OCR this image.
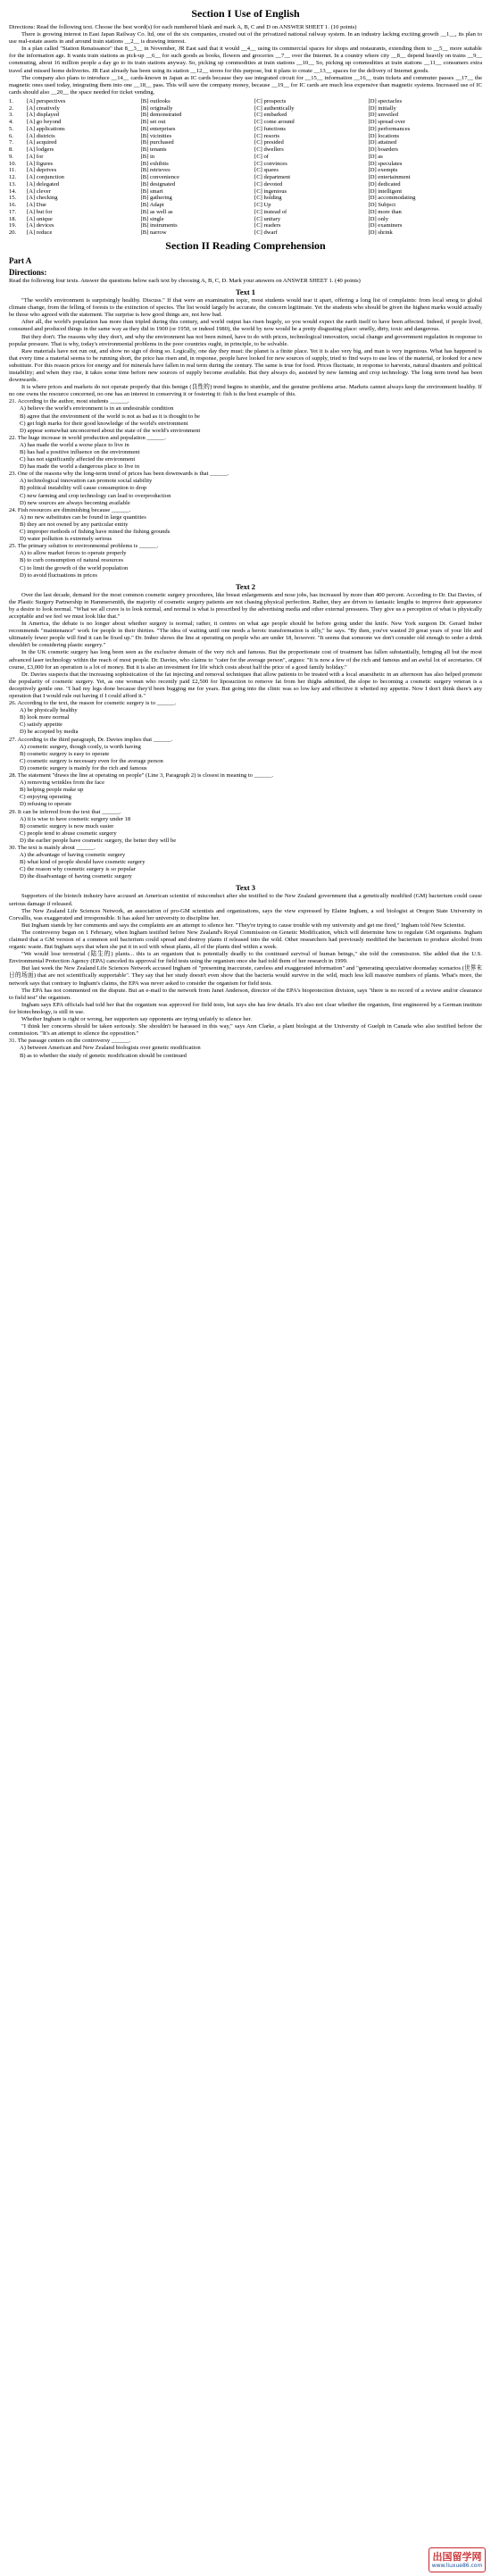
Section I Use of English

Directions: Read the following text. Choose the best word(s) for each numbered blank and mark A, B, C and D on ANSWER SHEET 1. (10 points)

There is growing interest in East Japan Railway Co. ltd, one of the six companies, created out of the privatized national railway system. In an industry lacking exciting growth __1__, its plan to use real-estate assets in and around train stations __2__ is drawing interest.

In a plan called "Station Renaissance" that 8__3__ in November, JR East said that it would __4__ using its commercial spaces for shops and restaurants, extending them to __5__ more suitable for the information age. It wants train stations as pick-up __6__ for such goods as books, flowers and groceries __7__ over the Internet. In a country where city __8__ depend heavily on trains __9__ commuting, about 16 million people a day go to its train stations anyway. So, picking up commodities at train stations __10__ So, picking up commodities at train stations __11__ consumers extra travel and missed home deliveries. JR East already has been using its station __12__ stores for this purpose, but it plans to create __13__ spaces for the delivery of Internet goods.

The company also plans to introduce __14__ cards-known in Japan as IC cards because they use integrated circuit for __15__ information __16__ train tickets and commuter passes __17__ the magnetic ones used today, integrating them into one __18__ pass. This will save the company money, because __19__ for IC cards are much less expensive than magnetic systems. Increased use of IC cards should also __20__ the space needed for ticket vending.

1.	[A] perspectives	[B] outlooks	[C] prospects	[D] spectacles
2.	[A] creatively	[B] originally	[C] authentically	[D] initially
3.	[A] displayed	[B] demonstrated	[C] embarked	[D] unveiled
4.	[A] go beyond	[B] set out	[C] come around	[D] spread over
5.	[A] applications	[B] enterprises	[C] functions	[D] performances
6.	[A] districts	[B] vicinities	[C] resorts	[D] locations
7.	[A] acquired	[B] purchased	[C] presided	[D] attained
8.	[A] lodgers	[B] tenants	[C] dwellers	[D] boarders
9.	[A] for	[B] in	[C] of	[D] as
10.	[A] figures	[B] exhibits	[C] convinces	[D] speculates
11.	[A] deprives	[B] retrieves	[C] spares	[D] exempts
12.	[A] conjunction	[B] convenience	[C] department	[D] entertainment
13.	[A] delegated	[B] designated	[C] devoted	[D] dedicated
14.	[A] clever	[B] smart	[C] ingenious	[D] intelligent
15.	[A] checking	[B] gathering	[C] holding	[D] accommodating
16.	[A] Due	[B] Adapt	[C] Up	[D] Subject
17.	[A] but for	[B] as well as	[C] instead of	[D] more than
18.	[A] unique	[B] single	[C] unitary	[D] only
19.	[A] devices	[B] instruments	[C] readers	[D] examiners
20.	[A] reduce	[B] narrow	[C] dwarf	[D] shrink
Section II Reading Comprehension
Part A
Directions:

Read the following four texts. Answer the questions below each text by choosing A, B, C, D. Mark your answers on ANSWER SHEET 1. (40 points)

Text 1

"The world's environment is surprisingly healthy. Discuss." If that were an examination topic, most students would tear it apart, offering a long list of complaints: from local smog to global climate change, from the felling of forests to the extinction of species. The list would largely be accurate, the concern legitimate. Yet the students who should be given the highest marks would actually be those who agreed with the statement. The surprise is how good things are, not how bad.

After all, the world's population has more than tripled during this century, and world output has risen hugely, so you would expect the earth itself to have been affected. Indeed, if people lived, consumed and produced things in the same way as they did in 1900 (or 1950, or indeed 1980), the world by now would be a pretty disgusting place: smelly, dirty, toxic and dangerous.

But they don't. The reasons why they don't, and why the environment has not been mined, have to do with prices, technological innovation, social change and government regulation in response to popular pressure. That is why, today's environmental problems in the poor countries ought, in principle, to be solvable.

Raw materials have not run out, and show no sign of doing so. Logically, one day they must: the planet is a finite place. Yet it is also very big, and man is very ingenious. What has happened is that every time a material seems to be running short, the price has risen and, in response, people have looked for new sources of supply, tried to find ways to use less of the material, or looked for a new substitute. For this reason prices for energy and for minerals have fallen in real term during the century. The same is true for food. Prices fluctuate, in response to harvests, natural disasters and political instability; and when they rise, it takes some time before new sources of supply become available. But they always do, assisted by new farming and crop technology. The long term trend has been downwards.

It is where prices and markets do not operate properly that this benign (良性的) trend begins to stumble, and the genuine problems arise. Markets cannot always keep the environment healthy. If no one owns the resource concerned, no one has an interest in conserving it or fostering it: fish is the best example of this.

21. According to the author, most students ______.
A) believe the world's environment is in an undesirable condition
B) agree that the environment of the world is not as bad as it is thought to be
C) get high marks for their good knowledge of the world's environment
D) appear somewhat unconcerned about the state of the world's environment
22. The huge increase in world production and population ______.
A) has made the world a worse place to live in
B) has had a positive influence on the environment
C) has not significantly affected the environment
D) has made the world a dangerous place to live in
23. One of the reasons why the long-term trend of prices has been downwards is that ______.
A) technological innovation can promote social stability
B) political instability will cause consumption to drop
C) new farming and crop technology can lead to overproduction
D) new sources are always becoming available
24. Fish resources are diminishing because ______.
A) no new substitutes can be found in large quantities
B) they are not owned by any particular entity
C) improper methods of fishing have mined the fishing grounds
D) water pollution is extremely serious
25. The primary solution to environmental problems is ______.
A) to allow market forces to operate properly
B) to curb consumption of natural resources
C) to limit the growth of the world population
D) to avoid fluctuations in prices
Text 2

Over the last decade, demand for the most common cosmetic surgery procedures, like breast enlargements and nose jobs, has increased by more than 400 percent. According to Dr. Dai Davies, of the Plastic Surgery Partnership in Hammersmith, the majority of cosmetic surgery patients are not chasing physical perfection. Rather, they are driven to fantastic lengths to improve their appearance by a desire to look normal. "What we all crave is to look normal, and normal is what is prescribed by the advertising media and other external pressures. They give us a perception of what is physically acceptable and we feel we must look like that."

In America, the debate is no longer about whether surgery is normal; rather, it centres on what age people should be before going under the knife. New York surgeon Dr. Gerard Imber recommends "maintenance" work for people in their thirties. "The idea of waiting until one needs a heroic transformation is silly," he says. "By then, you've wasted 20 great years of your life and ultimately fewer people will find it can be fixed up." Dr. Imber shows the line at operating on people who are under 18, however. "It seems that someone we don't consider old enough to order a drink shouldn't be considering plastic surgery."

In the UK cosmetic surgery has long been seen as the exclusive domain of the very rich and famous. But the proportionate cost of treatment has fallen substantially, bringing all but the most advanced laser technology within the reach of most people. Dr. Davies, who claims to "cater for the average person", argues: "It is now a few of the rich and famous and an awful lot of secretaries. Of course, £3,000 for an operation is a lot of money. But it is also an investment for life which costs about half the price of a good family holiday."

Dr. Davies suspects that the increasing sophistication of the fat injecting and removal techniques that allow patients to be treated with a local anaesthetic in an afternoon has also helped promote the popularity of cosmetic surgery. Yet, as one woman who recently paid £2,500 for liposuction to remove fat from her thighs admitted, the slope to becoming a cosmetic surgery veteran is a deceptively gentle one. "I had my legs done because they'd been bugging me for years. But going into the clinic was so low key and effective it whetted my appetite. Now I don't think there's any operation that I would rule out having if I could afford it."

26. According to the text, the reason for cosmetic surgery is to ______.
A) be physically healthy
B) look more normal
C) satisfy appetite
D) be accepted by media
27. According to the third paragraph, Dr. Davies implies that ______.
A) cosmetic surgery, though costly, is worth having
B) cosmetic surgery is easy to operate
C) cosmetic surgery is necessary even for the average person
D) cosmetic surgery is mainly for the rich and famous
28. The statement "draws the line at operating on people" (Line 3, Paragraph 2) is closest in meaning to ______.
A) removing wrinkles from the face
B) helping people make up
C) enjoying operating
D) refusing to operate
29. It can be inferred from the text that ______.
A) it is wise to have cosmetic surgery under 18
B) cosmetic surgery is now much easier
C) people tend to abuse cosmetic surgery
D) the earlier people have cosmetic surgery, the better they will be
30. The text is mainly about ______.
A) the advantage of having cosmetic surgery
B) what kind of people should have cosmetic surgery
C) the reason why cosmetic surgery is so popular
D) the disadvantage of having cosmetic surgery
Text 3

Supporters of the biotech industry have accused an American scientist of misconduct after she testified to the New Zealand government that a genetically modified (GM) bacterium could cause serious damage if released.

The New Zealand Life Sciences Network, an association of pro-GM scientists and organizations, says the view expressed by Elaine Ingham, a soil biologist at Oregon State University in Corvallis, was exaggerated and irresponsible. It has asked her university to discipline her.

But Ingham stands by her comments and says the complaints are an attempt to silence her. "They're trying to cause trouble with my university and get me fired," Ingham told New Scientist.

The controversy began on 1 February, when Ingham testified before New Zealand's Royal Commission on Genetic Modification, which will determine how to regulate GM organisms. Ingham claimed that a GM version of a common soil bacterium could spread and destroy plants if released into the wild. Other researchers had previously modified the bacterium to produce alcohol from organic waste. But Ingham says that when she put it in soil with wheat plants, all of the plants died within a week.

"We would lose terrestrial (陆生的) plants... this is an organism that is potentially deadly to the continued survival of human beings," she told the commission. She added that the U.S. Environmental Protection Agency (EPA) canceled its approval for field tests using the organism once she had told them of her research in 1999.

But last week the New Zealand Life Sciences Network accused Ingham of "presenting inaccurate, careless and exaggerated information" and "generating speculative doomsday scenarios (世界末日的场面) that are not scientifically supportable". They say that her study doesn't even show that the bacteria would survive in the wild, much less kill massive numbers of plants. What's more, the network says that contrary to Ingham's claims, the EPA was never asked to consider the organism for field tests.

The EPA has not commented on the dispute. But an e-mail to the network from Janet Anderson, director of the EPA's bioprotection division, says "there is no record of a review and/or clearance to field test" the organism.

Ingham says EPA officials had told her that the organism was approved for field tests, but says she has few details. It's also not clear whether the organism, first engineered by a German institute for biotechnology, is still in use.

Whether Ingham is right or wrong, her supporters say opponents are trying unfairly to silence her.

"I think her concerns should be taken seriously. She shouldn't be harassed in this way," says Ann Clarke, a plant biologist at the University of Guelph in Canada who also testified before the commission. "It's an attempt to silence the opposition."

31. The passage centers on the controversy ______.
A) between American and New Zealand biologists over genetic modification
B) as to whether the study of genetic modification should be continued
出国留学网
www.liuxue86.com
